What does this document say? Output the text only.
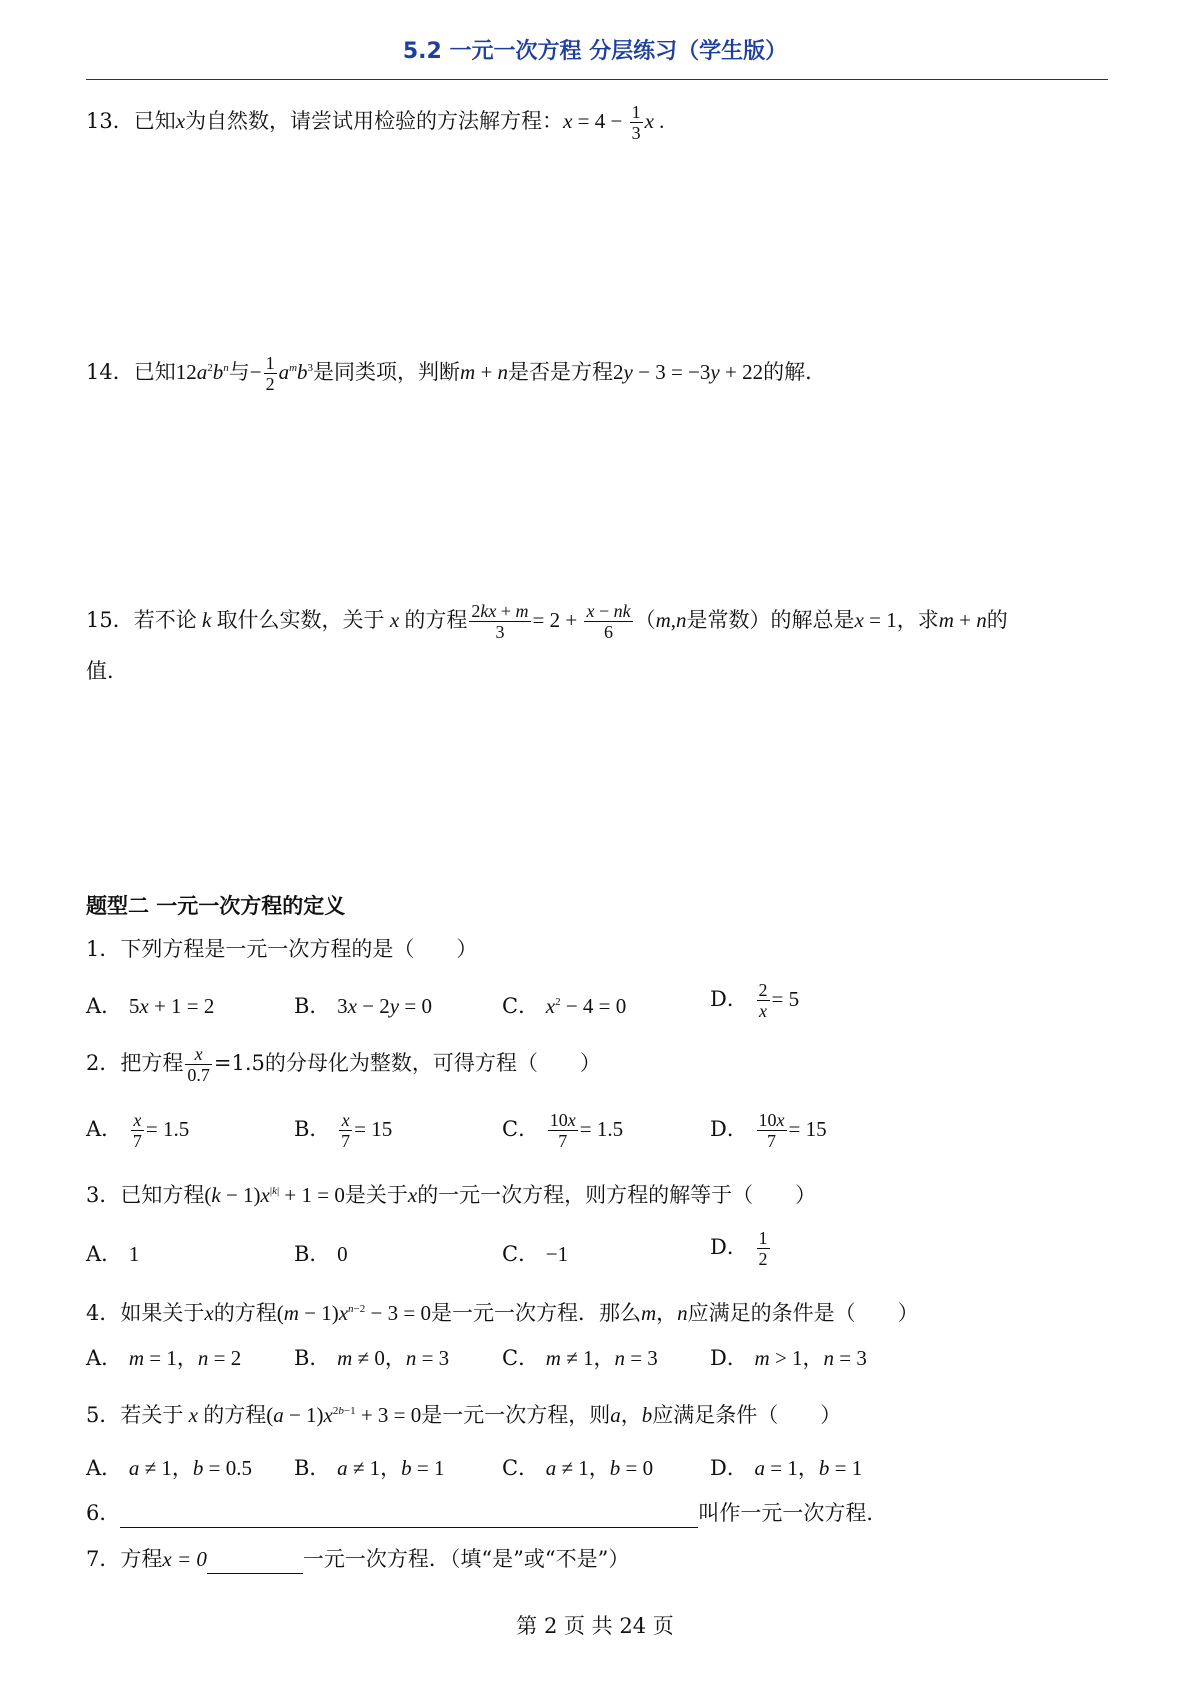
5.2 一元一次方程 分层练习（学生版）
13．已知x为自然数，请尝试用检验的方法解方程：$x = 4 - \frac{1}{3}$ x .
14．已知$12a^2b^n$与− $\frac{1}{2} a^mb^3$是同类项，判断m + n是否是方程2y − 3 = −3y + 22的解．
15．若不论 k 取什么实数，关于 x 的方程 $\frac{2kx + m}{3} = 2 + \frac{x - nk}{6} (m,n$是常数）的解总是x = 1，求m + n的
值．
题型二 一元一次方程的定义
1．下列方程是一元一次方程的是（　　）
A． 5x + 1 = 2	B． 3x − 2y = 0	C． $x^2 - 4 = 0$	D． $\frac{2}{x} = 5$
2．把方程 $\frac{x}{0.7} =1.5$的分母化为整数，可得方程（　　）
A． $\frac{x}{7} = 1.5$	B． $\frac{x}{7} = 15$	C． $\frac{10x}{7} = 1.5$	D． $\frac{10x}{7} = 15$
3．已知方程$(k - 1)x^{|k|} + 1 = 0$是关于x的一元一次方程，则方程的解等于（　　）
A． 1	B． 0	C． −1	D． $\frac{1}{2}$
4．如果关于x的方程$(m - 1)x^{n-2} - 3 = 0$是一元一次方程．那么m，n应满足的条件是（　　）
A． m = 1，n = 2	B． m ≠ 0，n = 3	C． m ≠ 1，n = 3 D． m > 1，n = 3
5．若关于 x 的方程$(a - 1)x^{2b-1} + 3 = 0$是一元一次方程，则a，b应满足条件（　　）
A． a ≠ 1，b = 0.5 B． a ≠ 1，b = 1	C． a ≠ 1，b = 0	D． a = 1，b = 1
6．	叫作一元一次方程．
7．方程x = 0	一元一次方程．（填“是”或“不是”）
第 2 页 共 24 页
